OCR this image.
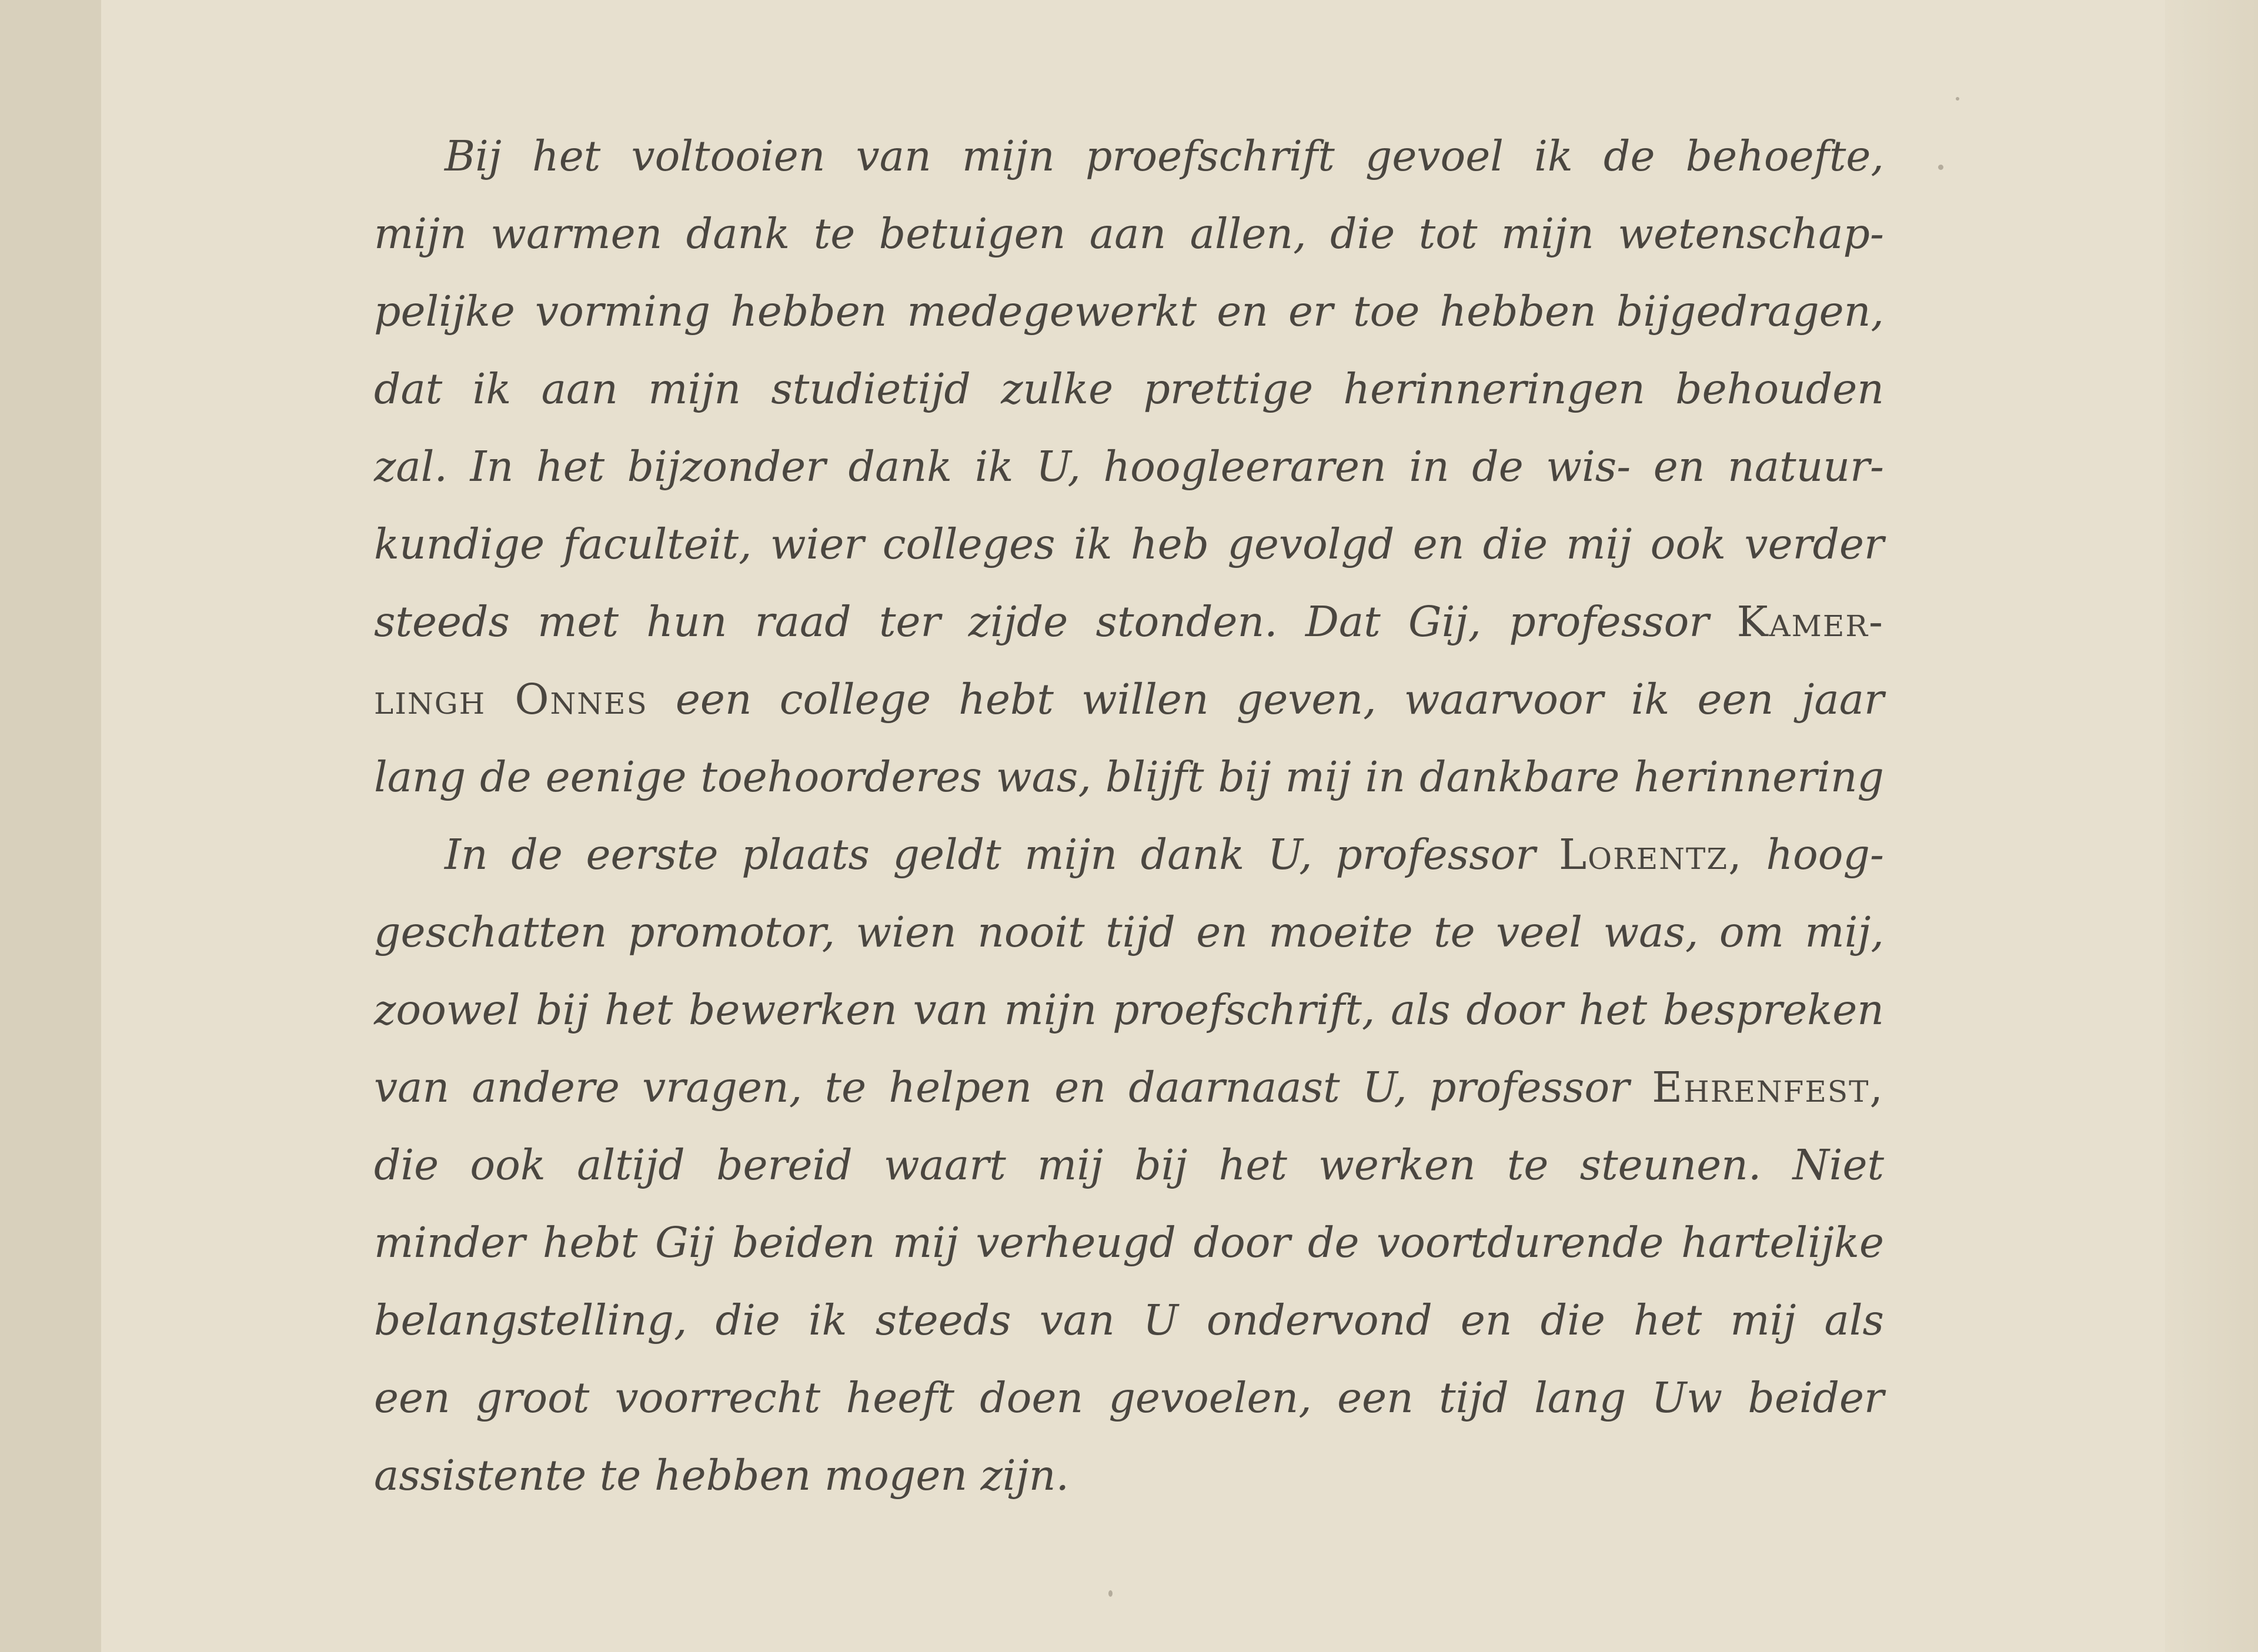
Bij het voltooien van mijn proefschrift gevoel ik de behoefte,
mijn warmen dank te betuigen aan allen, die tot mijn wetenschap-
pelijke vorming hebben medegewerkt en er toe hebben bijgedragen,
dat ik aan mijn studietijd zulke prettige herinneringen behouden
zal. In het bijzonder dank ik U, hoogleeraren in de wis- en natuur-
kundige faculteit, wier colleges ik heb gevolgd en die mij ook verder
steeds met hun raad ter zijde stonden. Dat Gij, professor Kamer-
lingh Onnes een college hebt willen geven, waarvoor ik een jaar
lang de eenige toehoorderes was, blijft bij mij in dankbare herinnering
In de eerste plaats geldt mijn dank U, professor Lorentz, hoog-
geschatten promotor, wien nooit tijd en moeite te veel was, om mij,
zoowel bij het bewerken van mijn proefschrift, als door het bespreken
van andere vragen, te helpen en daarnaast U, professor Ehrenfest,
die ook altijd bereid waart mij bij het werken te steunen. Niet
minder hebt Gij beiden mij verheugd door de voortdurende hartelijke
belangstelling, die ik steeds van U ondervond en die het mij als
een groot voorrecht heeft doen gevoelen, een tijd lang Uw beider
assistente te hebben mogen zijn.
